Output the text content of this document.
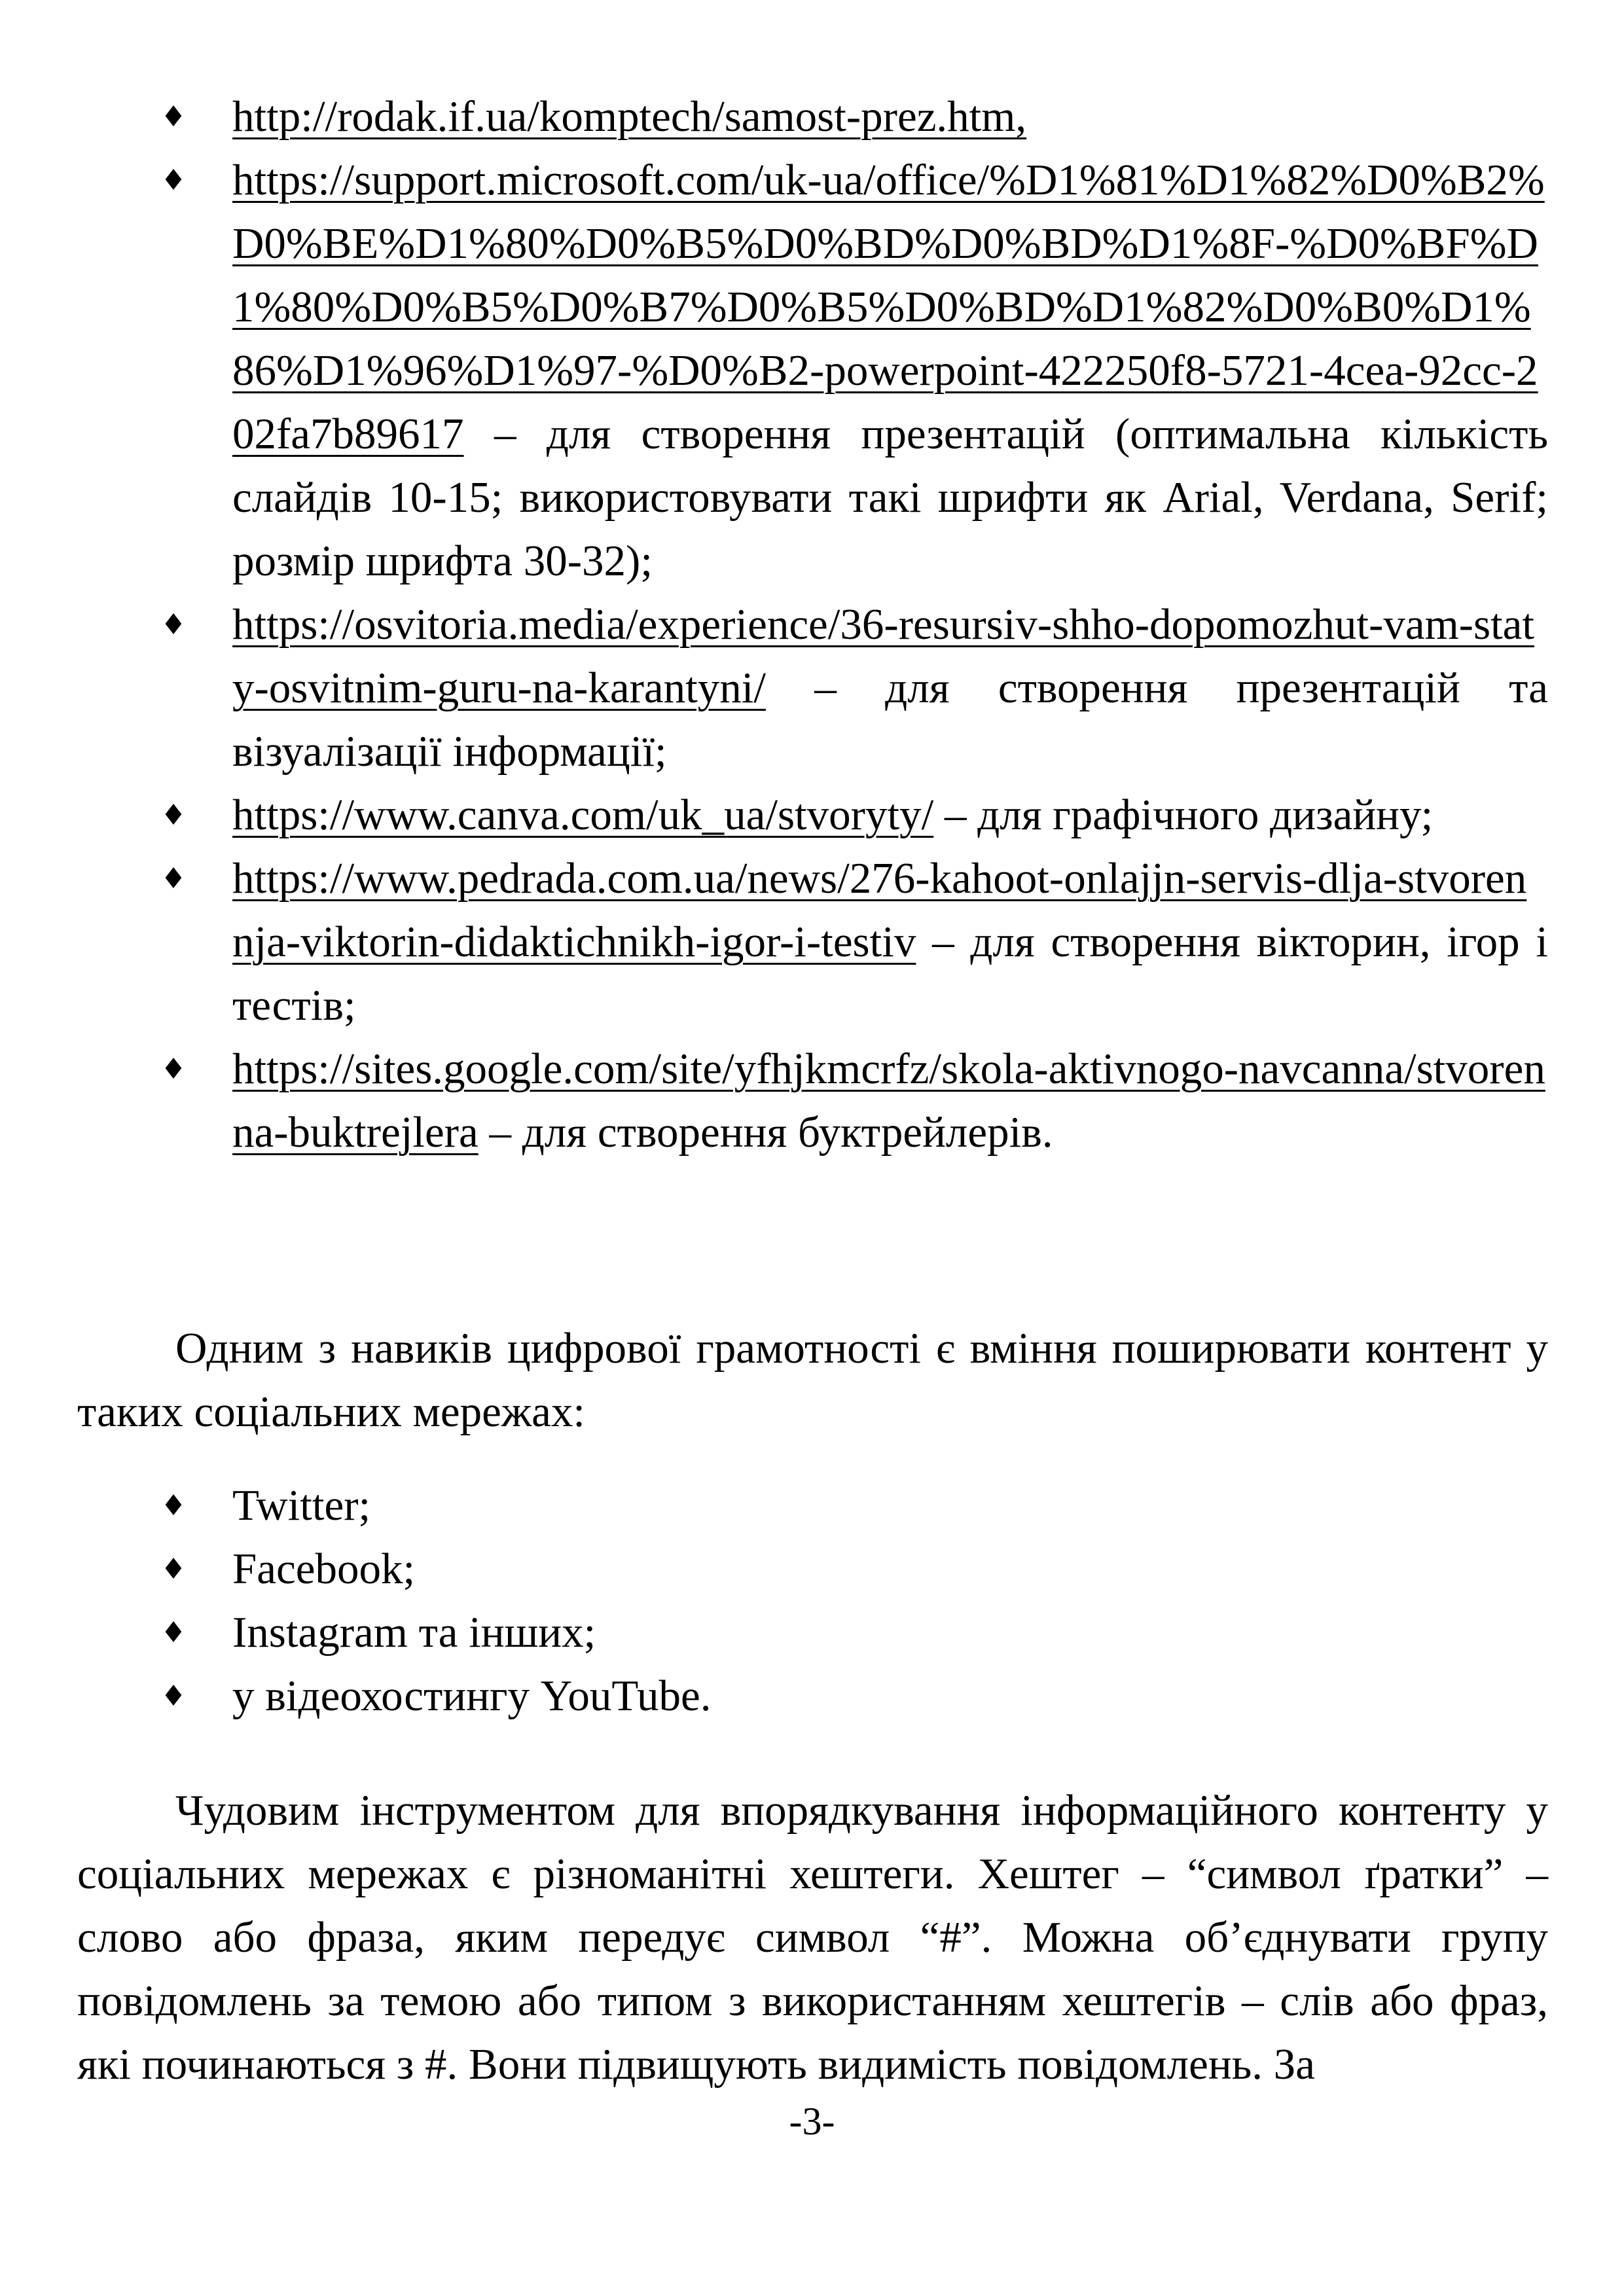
♦ http://rodak.if.ua/komptech/samost-prez.htm,
♦ https://support.microsoft.com/uk-ua/office/%D1%81%D1%82%D0%B2%D0%BE%D1%80%D0%B5%D0%BD%D0%BD%D1%8F-%D0%BF%D1%80%D0%B5%D0%B7%D0%B5%D0%BD%D1%82%D0%B0%D1%86%D1%96%D1%97-%D0%B2-powerpoint-422250f8-5721-4cea-92cc-202fa7b89617 – для створення презентацій (оптимальна кількість слайдів 10-15; використовувати такі шрифти як Arial, Verdana, Serif; розмір шрифта 30-32);
♦ https://osvitoria.media/experience/36-resursiv-shho-dopomozhut-vam-staty-osvitnim-guru-na-karantyni/ – для створення презентацій та візуалізації інформації;
♦ https://www.canva.com/uk_ua/stvoryty/ – для графічного дизайну;
♦ https://www.pedrada.com.ua/news/276-kahoot-onlajjn-servis-dlja-stvorennja-viktorin-didaktichnikh-igor-i-testiv – для створення вікторин, ігор і тестів;
♦ https://sites.google.com/site/yfhjkmcrfz/skola-aktivnogo-navcanna/stvorenna-buktrejlera – для створення буктрейлерів.

Одним з навиків цифрової грамотності є вміння поширювати контент у таких соціальних мережах:

♦ Twitter;
♦ Facebook;
♦ Instagram та інших;
♦ у відеохостингу YouTube.

Чудовим інструментом для впорядкування інформаційного контенту у соціальних мережах є різноманітні хештеги. Хештег – “символ ґратки” – слово або фраза, яким передує символ “#”. Можна об’єднувати групу повідомлень за темою або типом з використанням хештегів – слів або фраз, які починаються з #. Вони підвищують видимість повідомлень. За

-3-
